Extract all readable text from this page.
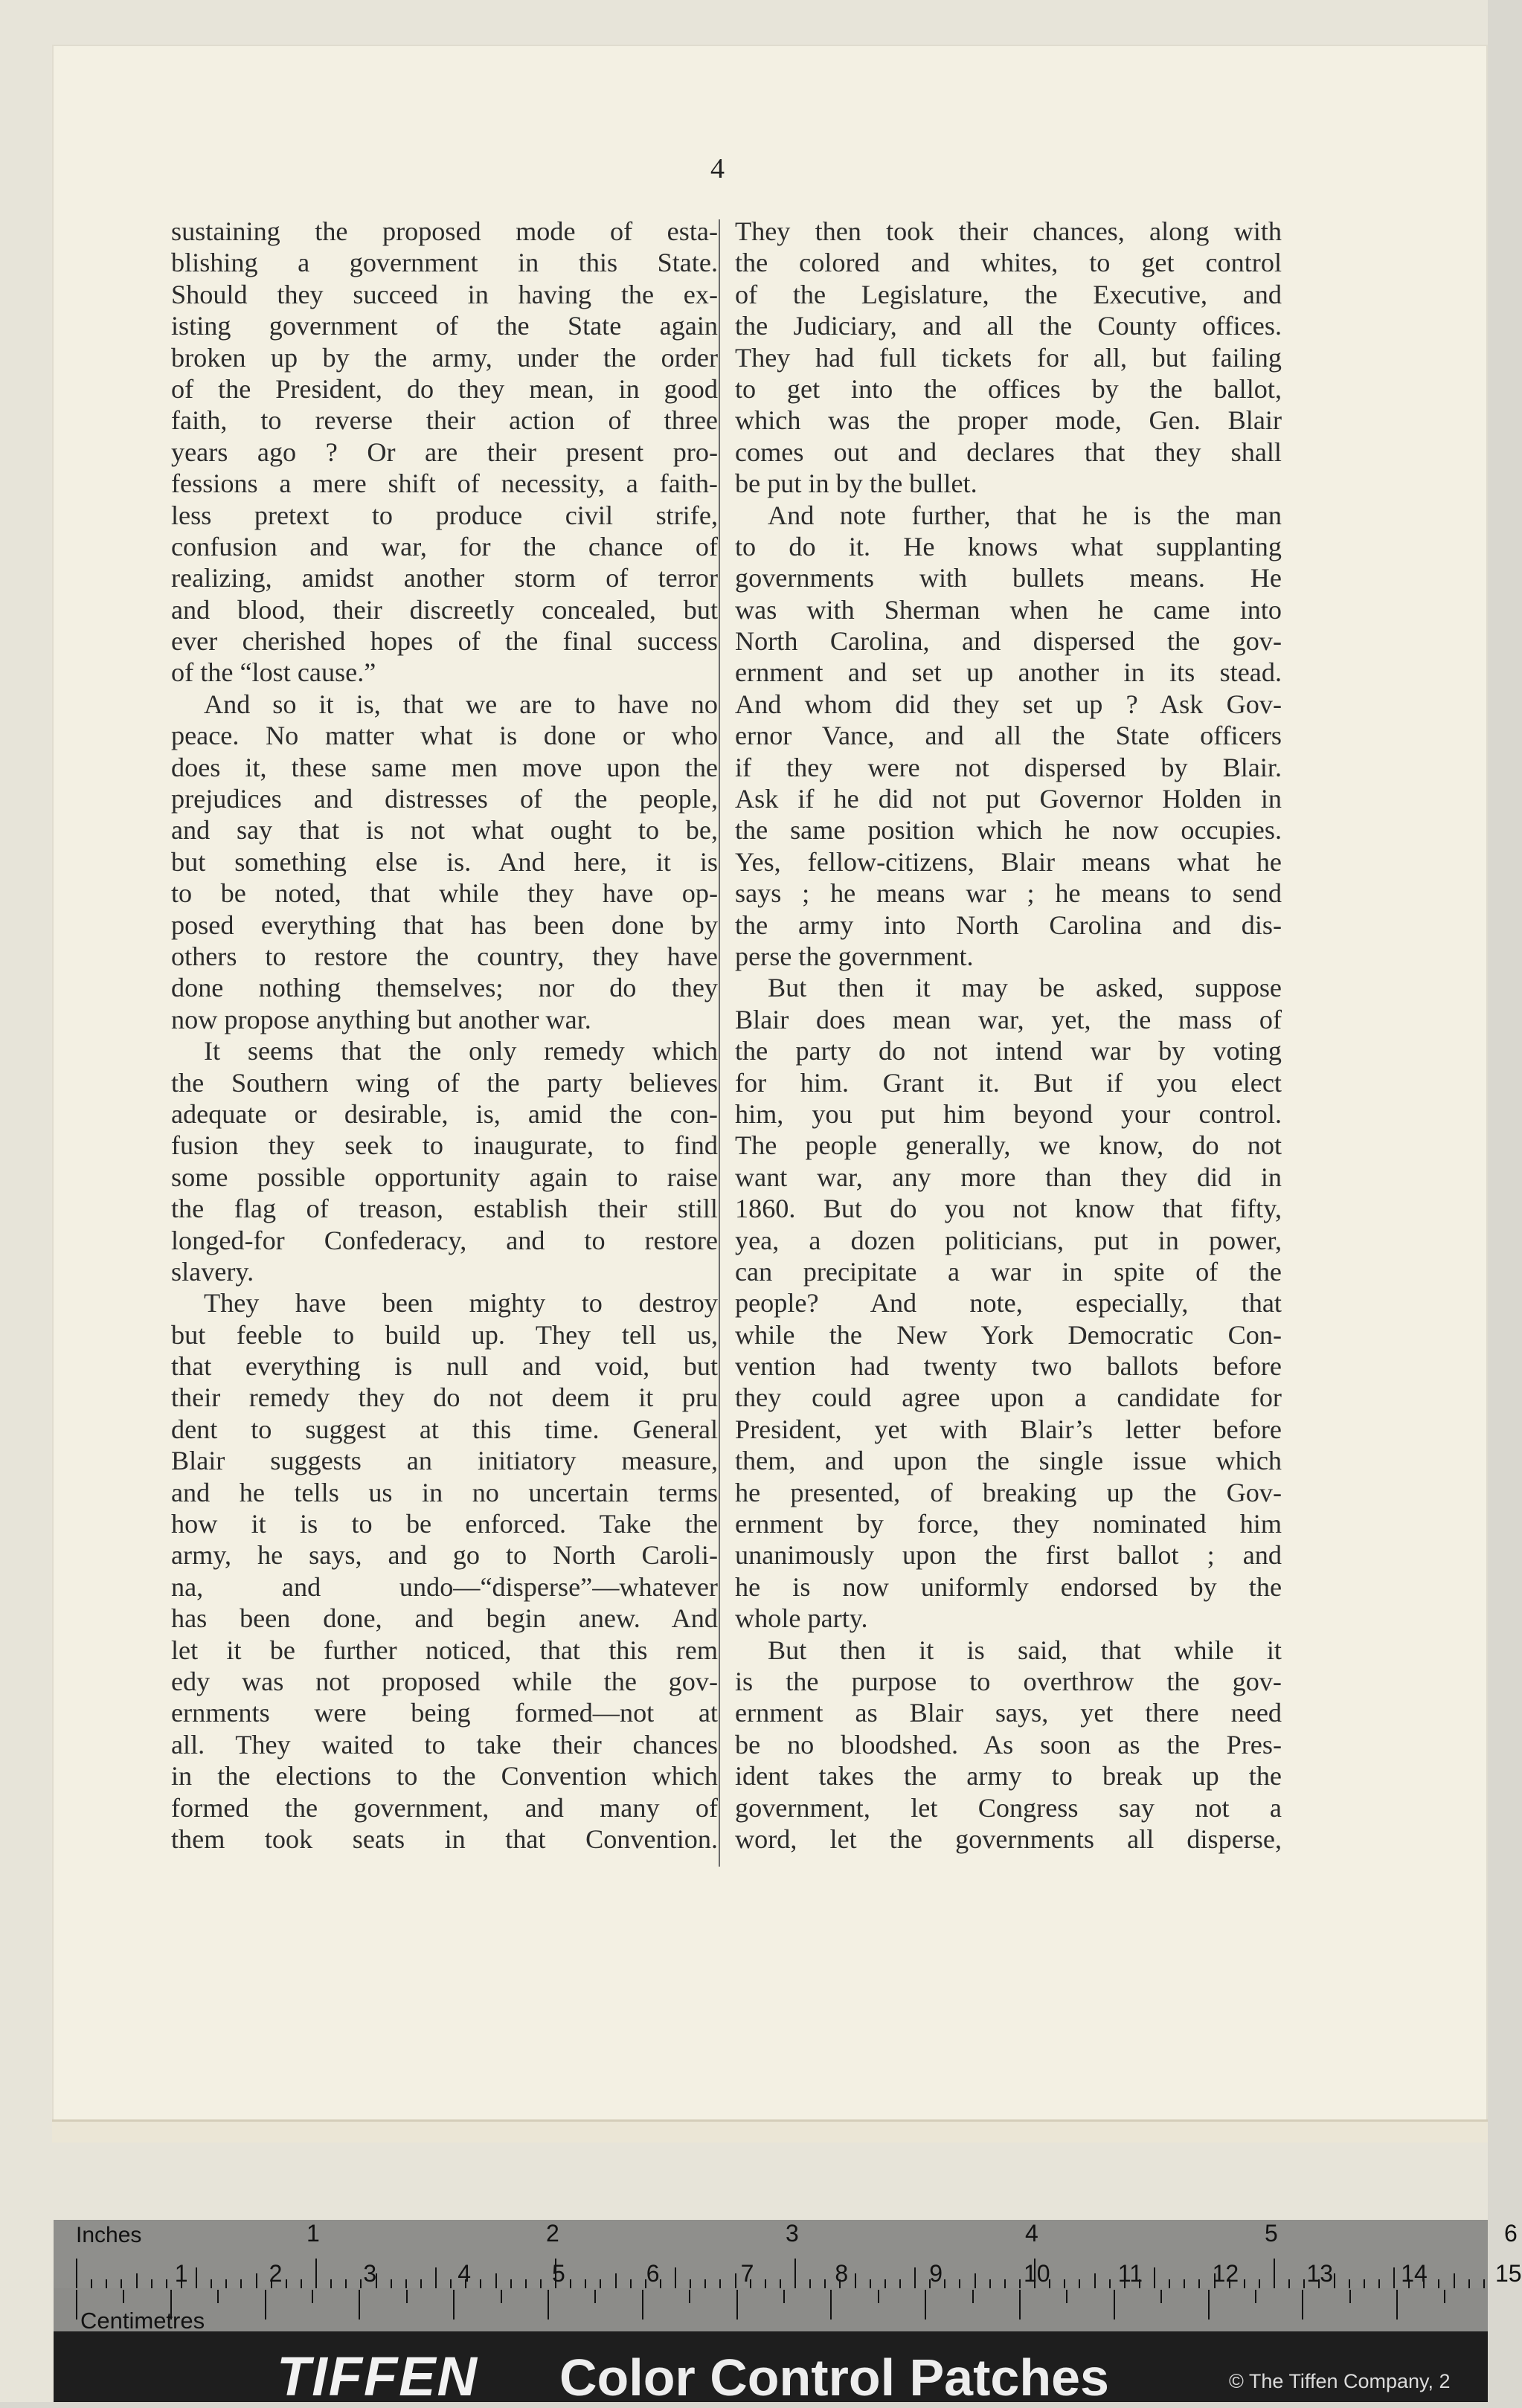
4
sustaining the proposed mode of esta-
blishing a government in this State.
Should they succeed in having the ex-
isting government of the State again
broken up by the army, under the order
of the President, do they mean, in good
faith, to reverse their action of three
years ago ? Or are their present pro-
fessions a mere shift of necessity, a faith-
less pretext to produce civil strife,
confusion and war, for the chance of
realizing, amidst another storm of terror
and blood, their discreetly concealed, but
ever cherished hopes of the final success
of the “lost cause.”
And so it is, that we are to have no
peace. No matter what is done or who
does it, these same men move upon the
prejudices and distresses of the people,
and say that is not what ought to be,
but something else is. And here, it is
to be noted, that while they have op-
posed everything that has been done by
others to restore the country, they have
done nothing themselves; nor do they
now propose anything but another war.
It seems that the only remedy which
the Southern wing of the party believes
adequate or desirable, is, amid the con-
fusion they seek to inaugurate, to find
some possible opportunity again to raise
the flag of treason, establish their still
longed-for Confederacy, and to restore
slavery.
They have been mighty to destroy
but feeble to build up. They tell us,
that everything is null and void, but
their remedy they do not deem it pru
dent to suggest at this time. General
Blair suggests an initiatory measure,
and he tells us in no uncertain terms
how it is to be enforced. Take the
army, he says, and go to North Caroli-
na, and undo—“disperse”—whatever
has been done, and begin anew. And
let it be further noticed, that this rem
edy was not proposed while the gov-
ernments were being formed—not at
all. They waited to take their chances
in the elections to the Convention which
formed the government, and many of
them took seats in that Convention.
They then took their chances, along with
the colored and whites, to get control
of the Legislature, the Executive, and
the Judiciary, and all the County offices.
They had full tickets for all, but failing
to get into the offices by the ballot,
which was the proper mode, Gen. Blair
comes out and declares that they shall
be put in by the bullet.
And note further, that he is the man
to do it. He knows what supplanting
governments with bullets means. He
was with Sherman when he came into
North Carolina, and dispersed the gov-
ernment and set up another in its stead.
And whom did they set up ? Ask Gov-
ernor Vance, and all the State officers
if they were not dispersed by Blair.
Ask if he did not put Governor Holden in
the same position which he now occupies.
Yes, fellow-citizens, Blair means what he
says ; he means war ; he means to send
the army into North Carolina and dis-
perse the government.
But then it may be asked, suppose
Blair does mean war, yet, the mass of
the party do not intend war by voting
for him. Grant it. But if you elect
him, you put him beyond your control.
The people generally, we know, do not
want war, any more than they did in
1860. But do you not know that fifty,
yea, a dozen politicians, put in power,
can precipitate a war in spite of the
people? And note, especially, that
while the New York Democratic Con-
vention had twenty two ballots before
they could agree upon a candidate for
President, yet with Blair’s letter before
them, and upon the single issue which
he presented, of breaking up the Gov-
ernment by force, they nominated him
unanimously upon the first ballot ; and
he is now uniformly endorsed by the
whole party.
But then it is said, that while it
is the purpose to overthrow the gov-
ernment as Blair says, yet there need
be no bloodshed. As soon as the Pres-
ident takes the army to break up the
government, let Congress say not a
word, let the governments all disperse,
Inches
Centimetres
1	2	3	4	5	6
1	2	3	4	5	6	7	8	9	10	11	12	13	14	15
TIFFEN Color Control Patches	© The Tiffen Company, 2
